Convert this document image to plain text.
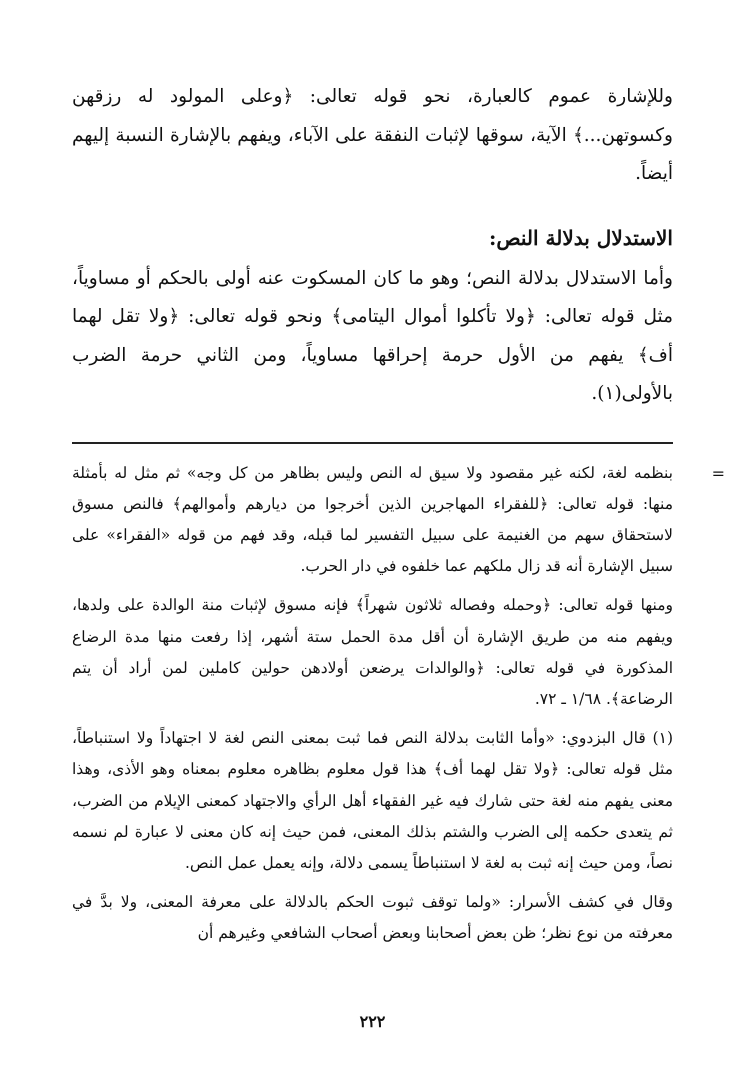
وللإشارة عموم كالعبارة، نحو قوله تعالى: ﴿وعلى المولود له رزقهن وكسوتهن...﴾ الآية، سوقها لإثبات النفقة على الآباء، ويفهم بالإشارة النسبة إليهم أيضاً.

الاستدلال بدلالة النص:

وأما الاستدلال بدلالة النص؛ وهو ما كان المسكوت عنه أولى بالحكم أو مساوياً، مثل قوله تعالى: ﴿ولا تأكلوا أموال اليتامى﴾ ونحو قوله تعالى: ﴿ولا تقل لهما أف﴾ يفهم من الأول حرمة إحراقها مساوياً، ومن الثاني حرمة الضرب بالأولى(١).

=

بنظمه لغة، لكنه غير مقصود ولا سيق له النص وليس بظاهر من كل وجه» ثم مثل له بأمثلة منها: قوله تعالى: ﴿للفقراء المهاجرين الذين أخرجوا من ديارهم وأموالهم﴾ فالنص مسوق لاستحقاق سهم من الغنيمة على سبيل التفسير لما قبله، وقد فهم من قوله «الفقراء» على سبيل الإشارة أنه قد زال ملكهم عما خلفوه في دار الحرب.

ومنها قوله تعالى: ﴿وحمله وفصاله ثلاثون شهراً﴾ فإنه مسوق لإثبات منة الوالدة على ولدها، ويفهم منه من طريق الإشارة أن أقل مدة الحمل ستة أشهر، إذا رفعت منها مدة الرضاع المذكورة في قوله تعالى: ﴿والوالدات يرضعن أولادهن حولين كاملين لمن أراد أن يتم الرضاعة﴾. ١/٦٨ ـ ٧٢.

(١) قال البزدوي: «وأما الثابت بدلالة النص فما ثبت بمعنى النص لغة لا اجتهاداً ولا استنباطاً، مثل قوله تعالى: ﴿ولا تقل لهما أف﴾ هذا قول معلوم بظاهره معلوم بمعناه وهو الأذى، وهذا معنى يفهم منه لغة حتى شارك فيه غير الفقهاء أهل الرأي والاجتهاد كمعنى الإيلام من الضرب، ثم يتعدى حكمه إلى الضرب والشتم بذلك المعنى، فمن حيث إنه كان معنى لا عبارة لم نسمه نصاً، ومن حيث إنه ثبت به لغة لا استنباطاً يسمى دلالة، وإنه يعمل عمل النص.

وقال في كشف الأسرار: «ولما توقف ثبوت الحكم بالدلالة على معرفة المعنى، ولا بدَّ في معرفته من نوع نظر؛ ظن بعض أصحابنا وبعض أصحاب الشافعي وغيرهم أن

٢٢٢
